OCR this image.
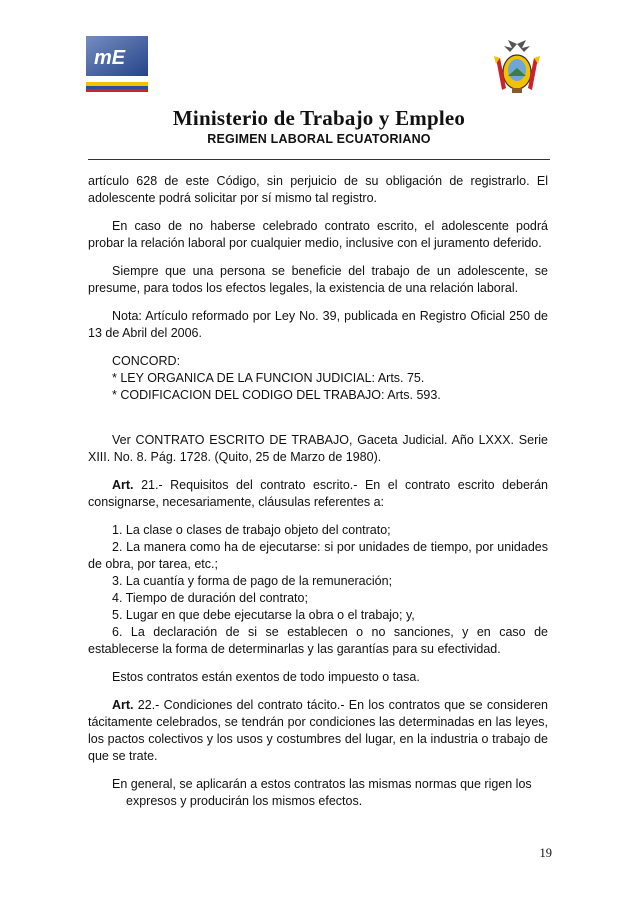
mE
Ministerio de Trabajo y Empleo
REGIMEN LABORAL ECUATORIANO

artículo 628 de este Código, sin perjuicio de su obligación de registrarlo. El adolescente podrá solicitar por sí mismo tal registro.

En caso de no haberse celebrado contrato escrito, el adolescente podrá probar la relación laboral por cualquier medio, inclusive con el juramento deferido.

Siempre que una persona se beneficie del trabajo de un adolescente, se presume, para todos los efectos legales, la existencia de una relación laboral.

Nota: Artículo reformado por Ley No. 39, publicada en Registro Oficial 250 de 13 de Abril del 2006.

CONCORD:

* LEY ORGANICA DE LA FUNCION JUDICIAL: Arts. 75.

* CODIFICACION DEL CODIGO DEL TRABAJO: Arts. 593.

Ver CONTRATO ESCRITO DE TRABAJO, Gaceta Judicial. Año LXXX. Serie XIII. No. 8. Pág. 1728. (Quito, 25 de Marzo de 1980).

Art. 21.- Requisitos del contrato escrito.- En el contrato escrito deberán consignarse, necesariamente, cláusulas referentes a:

1. La clase o clases de trabajo objeto del contrato;

2. La manera como ha de ejecutarse: si por unidades de tiempo, por unidades de obra, por tarea, etc.;

3. La cuantía y forma de pago de la remuneración;

4. Tiempo de duración del contrato;

5. Lugar en que debe ejecutarse la obra o el trabajo; y,

6. La declaración de si se establecen o no sanciones, y en caso de establecerse la forma de determinarlas y las garantías para su efectividad.

Estos contratos están exentos de todo impuesto o tasa.

Art. 22.- Condiciones del contrato tácito.- En los contratos que se consideren tácitamente celebrados, se tendrán por condiciones las determinadas en las leyes, los pactos colectivos y los usos y costumbres del lugar, en la industria o trabajo de que se trate.

En general, se aplicarán a estos contratos las mismas normas que rigen los expresos y producirán los mismos efectos.

19
